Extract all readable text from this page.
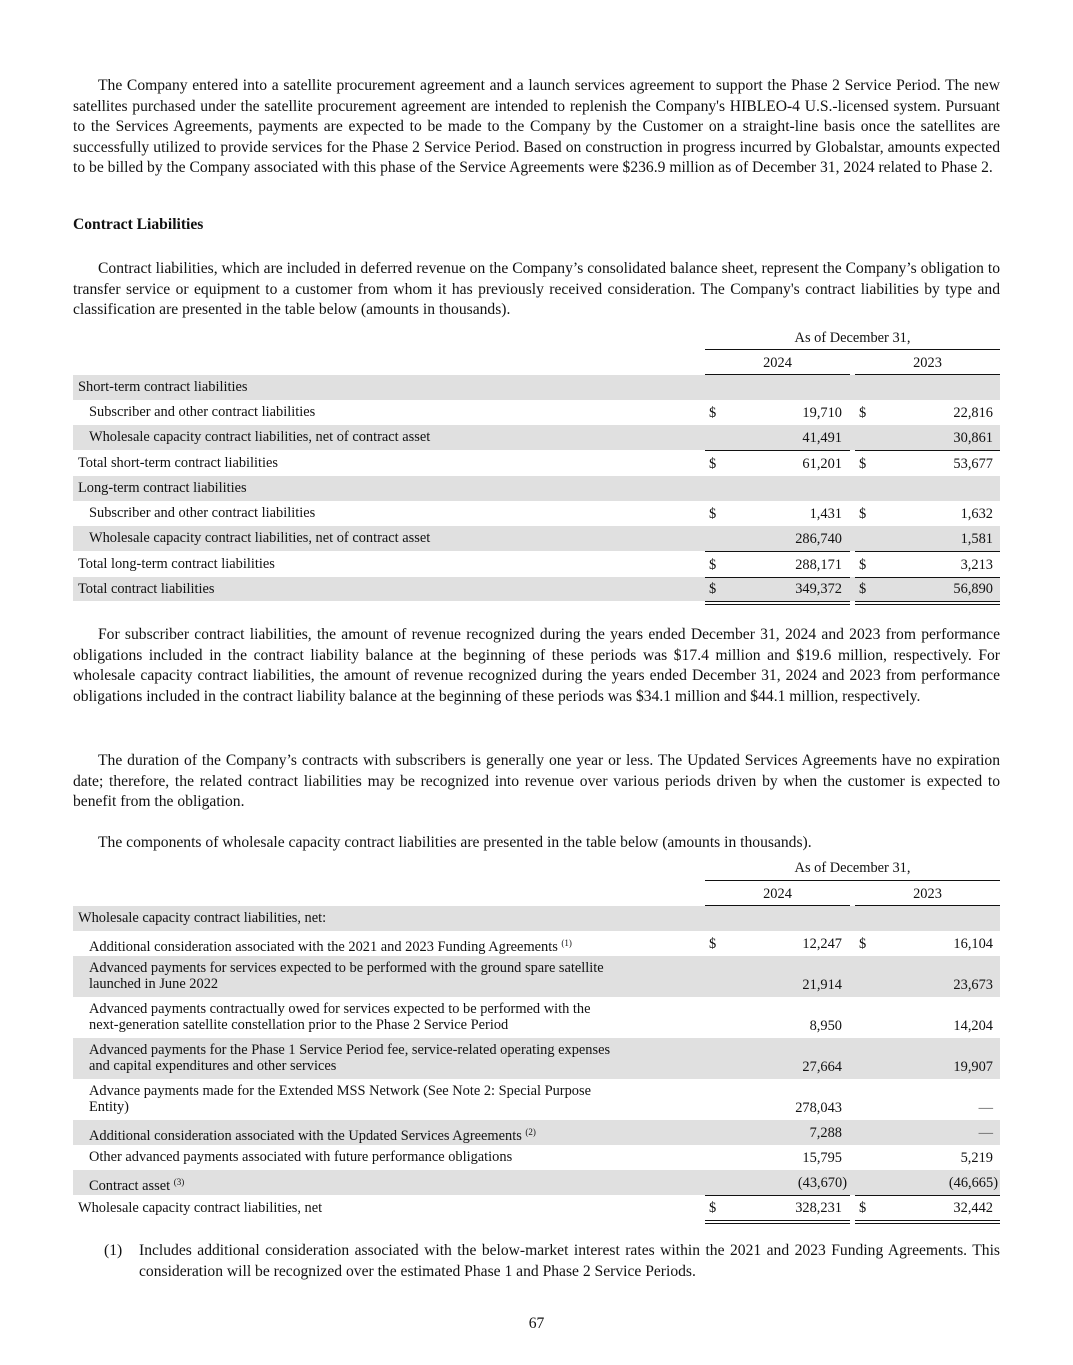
The Company entered into a satellite procurement agreement and a launch services agreement to support the Phase 2 Service Period. The new satellites purchased under the satellite procurement agreement are intended to replenish the Company's HIBLEO-4 U.S.-licensed system. Pursuant to the Services Agreements, payments are expected to be made to the Company by the Customer on a straight-line basis once the satellites are successfully utilized to provide services for the Phase 2 Service Period. Based on construction in progress incurred by Globalstar, amounts expected to be billed by the Company associated with this phase of the Service Agreements were $236.9 million as of December 31, 2024 related to Phase 2.

Contract Liabilities

Contract liabilities, which are included in deferred revenue on the Company’s consolidated balance sheet, represent the Company’s obligation to transfer service or equipment to a customer from whom it has previously received consideration. The Company's contract liabilities by type and classification are presented in the table below (amounts in thousands).

As of December 31,
2024	2023
Short-term contract liabilities
Subscriber and other contract liabilities	$	19,710 $	22,816
Wholesale capacity contract liabilities, net of contract asset	41,491	30,861
Total short-term contract liabilities	$	61,201 $	53,677
Long-term contract liabilities
Subscriber and other contract liabilities	$	1,431 $	1,632
Wholesale capacity contract liabilities, net of contract asset	286,740	1,581
Total long-term contract liabilities	$	288,171 $	3,213
Total contract liabilities	$	349,372 $	56,890

For subscriber contract liabilities, the amount of revenue recognized during the years ended December 31, 2024 and 2023 from performance obligations included in the contract liability balance at the beginning of these periods was $17.4 million and $19.6 million, respectively. For wholesale capacity contract liabilities, the amount of revenue recognized during the years ended December 31, 2024 and 2023 from performance obligations included in the contract liability balance at the beginning of these periods was $34.1 million and $44.1 million, respectively.

The duration of the Company’s contracts with subscribers is generally one year or less. The Updated Services Agreements have no expiration date; therefore, the related contract liabilities may be recognized into revenue over various periods driven by when the customer is expected to benefit from the obligation.

The components of wholesale capacity contract liabilities are presented in the table below (amounts in thousands).

As of December 31,
2024	2023
Wholesale capacity contract liabilities, net:
Additional consideration associated with the 2021 and 2023 Funding Agreements $^{(1)}$	$	12,247 $	16,104
Advanced payments for services expected to be performed with the ground spare satellite
launched in June 2022	21,914	23,673
Advanced payments contractually owed for services expected to be performed with the
next-generation satellite constellation prior to the Phase 2 Service Period	8,950	14,204
Advanced payments for the Phase 1 Service Period fee, service-related operating expenses
and capital expenditures and other services	27,664	19,907
Advance payments made for the Extended MSS Network (See Note 2: Special Purpose
Entity)	278,043	—
Additional consideration associated with the Updated Services Agreements $^{(2)}$	7,288	—
Other advanced payments associated with future performance obligations	15,795	5,219
Contract asset $^{(3)}$	(43,670)	(46,665)
Wholesale capacity contract liabilities, net	$	328,231 $	32,442
(1) Includes additional consideration associated with the below-market interest rates within the 2021 and 2023 Funding Agreements. This consideration will be recognized over the estimated Phase 1 and Phase 2 Service Periods.
67
